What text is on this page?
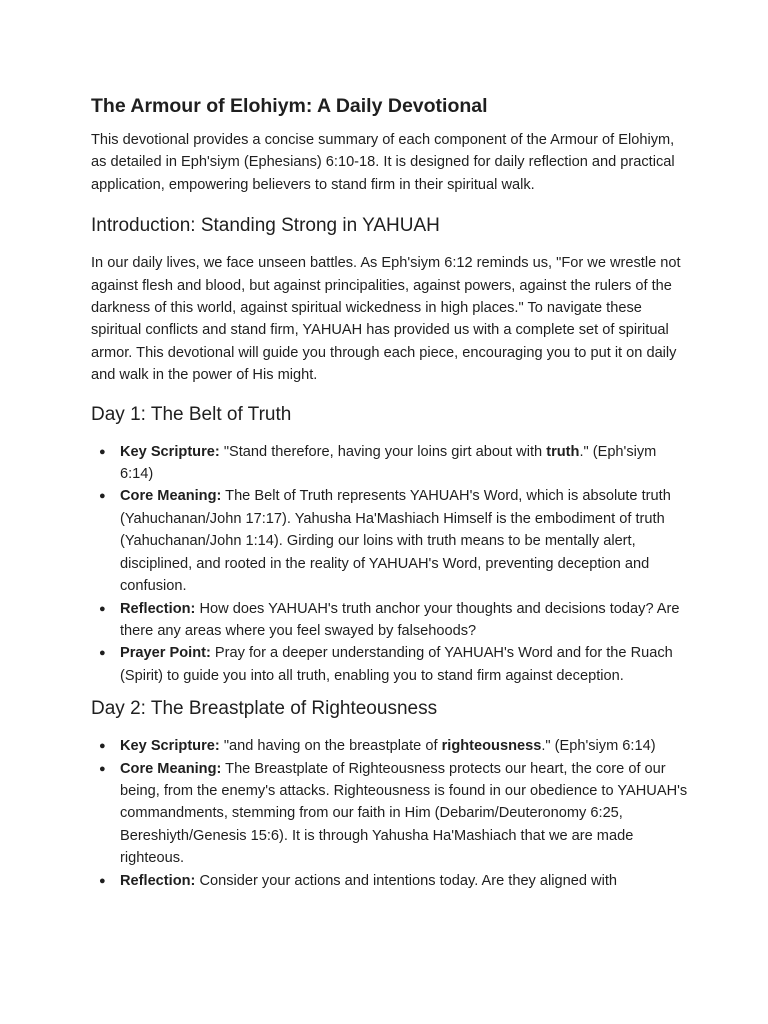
The Armour of Elohiym: A Daily Devotional

This devotional provides a concise summary of each component of the Armour of Elohiym, as detailed in Eph'siym (Ephesians) 6:10-18. It is designed for daily reflection and practical application, empowering believers to stand firm in their spiritual walk.

Introduction: Standing Strong in YAHUAH

In our daily lives, we face unseen battles. As Eph'siym 6:12 reminds us, "For we wrestle not against flesh and blood, but against principalities, against powers, against the rulers of the darkness of this world, against spiritual wickedness in high places." To navigate these spiritual conflicts and stand firm, YAHUAH has provided us with a complete set of spiritual armor. This devotional will guide you through each piece, encouraging you to put it on daily and walk in the power of His might.

Day 1: The Belt of Truth
● Key Scripture: "Stand therefore, having your loins girt about with truth." (Eph'siym 6:14)
● Core Meaning: The Belt of Truth represents YAHUAH's Word, which is absolute truth (Yahuchanan/John 17:17). Yahusha Ha'Mashiach Himself is the embodiment of truth (Yahuchanan/John 1:14). Girding our loins with truth means to be mentally alert, disciplined, and rooted in the reality of YAHUAH's Word, preventing deception and confusion.
● Reflection: How does YAHUAH's truth anchor your thoughts and decisions today? Are there any areas where you feel swayed by falsehoods?
● Prayer Point: Pray for a deeper understanding of YAHUAH's Word and for the Ruach (Spirit) to guide you into all truth, enabling you to stand firm against deception.
Day 2: The Breastplate of Righteousness
● Key Scripture: "and having on the breastplate of righteousness." (Eph'siym 6:14)
● Core Meaning: The Breastplate of Righteousness protects our heart, the core of our being, from the enemy's attacks. Righteousness is found in our obedience to YAHUAH's commandments, stemming from our faith in Him (Debarim/Deuteronomy 6:25, Bereshiyth/Genesis 15:6). It is through Yahusha Ha'Mashiach that we are made righteous.
● Reflection: Consider your actions and intentions today. Are they aligned with
